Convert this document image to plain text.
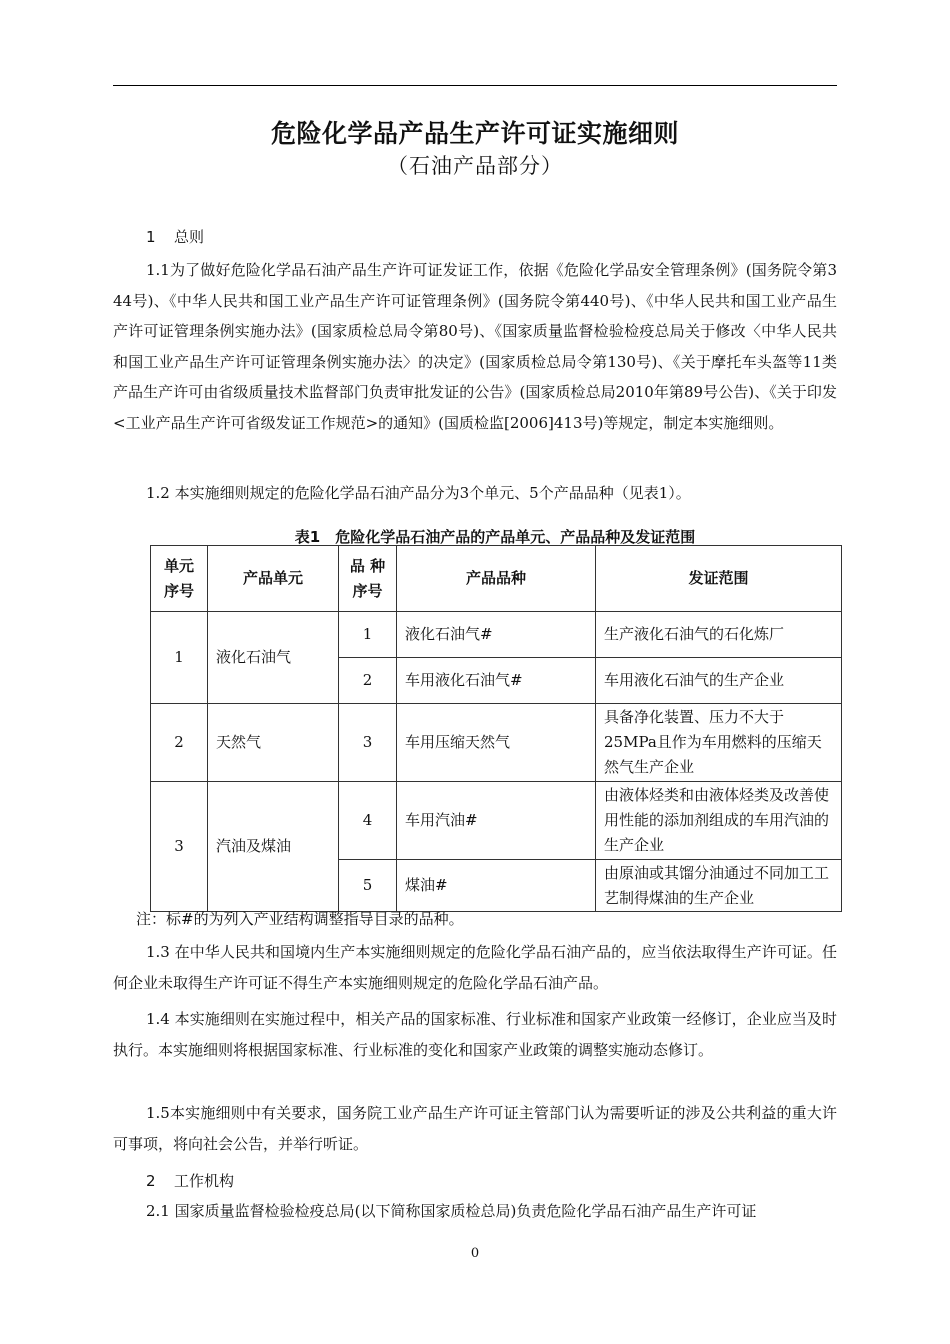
危险化学品产品生产许可证实施细则
（石油产品部分）
1 总则

1.1为了做好危险化学品石油产品生产许可证发证工作，依据《危险化学品安全管理条例》(国务院令第344号)、《中华人民共和国工业产品生产许可证管理条例》(国务院令第440号)、《中华人民共和国工业产品生产许可证管理条例实施办法》(国家质检总局令第80号)、《国家质量监督检验检疫总局关于修改〈中华人民共和国工业产品生产许可证管理条例实施办法〉的决定》(国家质检总局令第130号)、《关于摩托车头盔等11类产品生产许可由省级质量技术监督部门负责审批发证的公告》(国家质检总局2010年第89号公告)、《关于印发<工业产品生产许可省级发证工作规范>的通知》(国质检监[2006]413号)等规定，制定本实施细则。

1.2 本实施细则规定的危险化学品石油产品分为3个单元、5个产品品种（见表1）。

表1　危险化学品石油产品的产品单元、产品品种及发证范围
单元序号	产品单元	品 种序号	产品品种	发证范围
1	液化石油气	1	液化石油气#	生产液化石油气的石化炼厂
		2	车用液化石油气#	车用液化石油气的生产企业
2	天然气	3	车用压缩天然气	具备净化装置、压力不大于25MPa且作为车用燃料的压缩天然气生产企业
3	汽油及煤油	4	车用汽油#	由液体烃类和由液体烃类及改善使用性能的添加剂组成的车用汽油的生产企业
		5	煤油#	由原油或其馏分油通过不同加工工艺制得煤油的生产企业
注：标#的为列入产业结构调整指导目录的品种。

1.3 在中华人民共和国境内生产本实施细则规定的危险化学品石油产品的，应当依法取得生产许可证。任何企业未取得生产许可证不得生产本实施细则规定的危险化学品石油产品。

1.4 本实施细则在实施过程中，相关产品的国家标准、行业标准和国家产业政策一经修订，企业应当及时执行。本实施细则将根据国家标准、行业标准的变化和国家产业政策的调整实施动态修订。

1.5本实施细则中有关要求，国务院工业产品生产许可证主管部门认为需要听证的涉及公共利益的重大许可事项，将向社会公告，并举行听证。

2 工作机构

2.1 国家质量监督检验检疫总局(以下简称国家质检总局)负责危险化学品石油产品生产许可证

0
